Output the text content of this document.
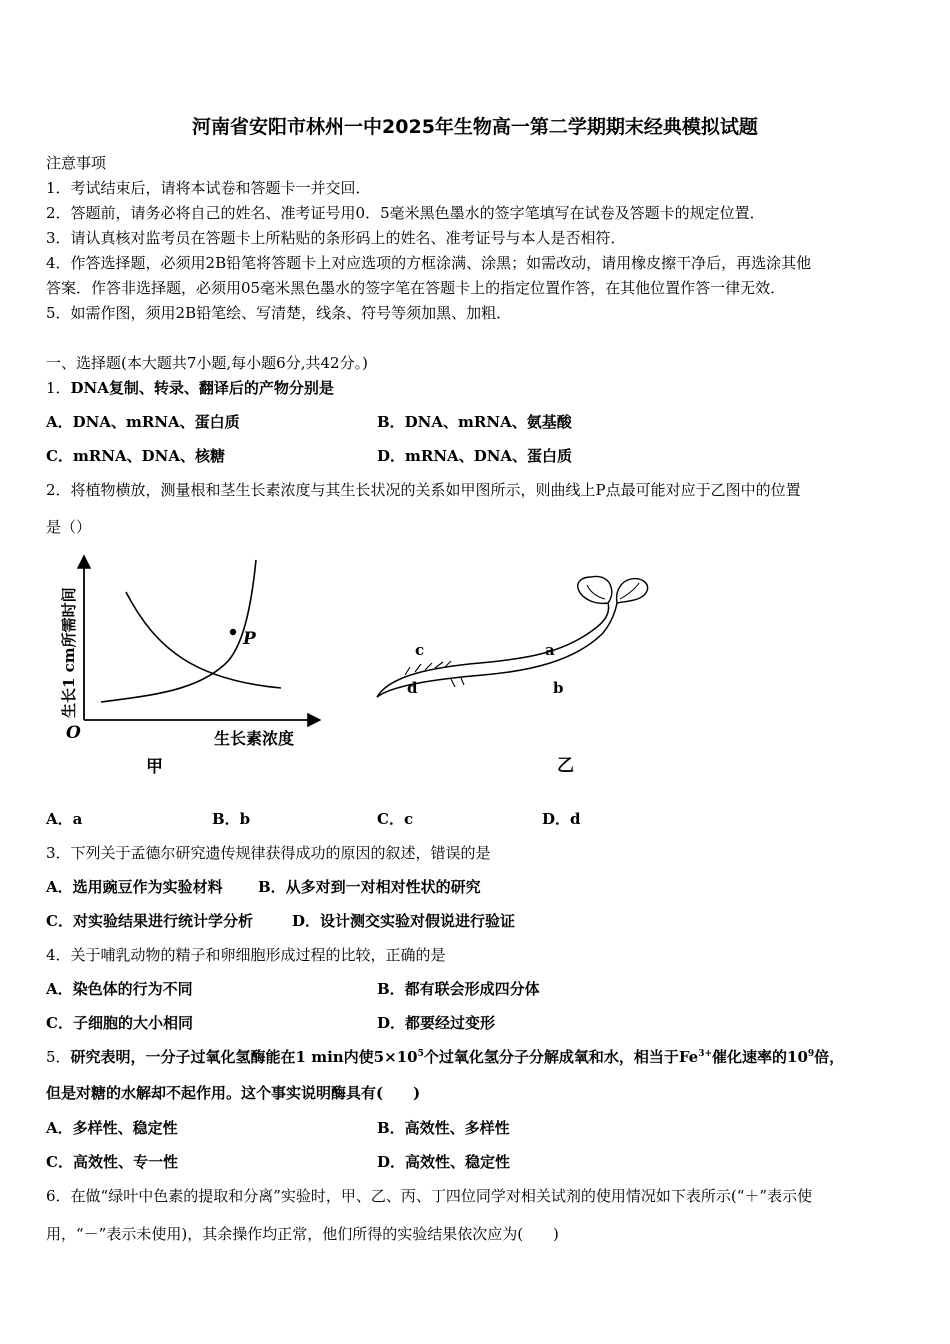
河南省安阳市林州一中2025年生物高一第二学期期末经典模拟试题
注意事项
1．考试结束后，请将本试卷和答题卡一并交回．
2．答题前，请务必将自己的姓名、准考证号用0．5毫米黑色墨水的签字笔填写在试卷及答题卡的规定位置．
3．请认真核对监考员在答题卡上所粘贴的条形码上的姓名、准考证号与本人是否相符．
4．作答选择题，必须用2B铅笔将答题卡上对应选项的方框涂满、涂黑；如需改动，请用橡皮擦干净后，再选涂其他
答案．作答非选择题，必须用05毫米黑色墨水的签字笔在答题卡上的指定位置作答，在其他位置作答一律无效．
5．如需作图，须用2B铅笔绘、写清楚，线条、符号等须加黑、加粗．
一、选择题(本大题共7小题,每小题6分,共42分。)
1．DNA复制、转录、翻译后的产物分别是
A．DNA、mRNA、蛋白质	B．DNA、mRNA、氨基酸
C．mRNA、DNA、核糖	D．mRNA、DNA、蛋白质
2．将植物横放，测量根和茎生长素浓度与其生长状况的关系如甲图所示，则曲线上P点最可能对应于乙图中的位置
是（）
P
O	生长素浓度
生长1 cm所需时间
甲
a
b
c
d
乙
A．a	B．b	C．c	D．d
3．下列关于孟德尔研究遗传规律获得成功的原因的叙述，错误的是
A．选用豌豆作为实验材料 B．从多对到一对相对性状的研究
C．对实验结果进行统计学分析	D．设计测交实验对假说进行验证
4．关于哺乳动物的精子和卵细胞形成过程的比较，正确的是
A．染色体的行为不同	B．都有联会形成四分体
C．子细胞的大小相同	D．都要经过变形
5．研究表明，一分子过氧化氢酶能在1 min内使$5\times 10^5$个过氧化氢分子分解成氧和水，相当于$Fe^{3+}$催化速率的$10^9$倍，
但是对糖的水解却不起作用。这个事实说明酶具有(　　)
A．多样性、稳定性	B．高效性、多样性
C．高效性、专一性	D．高效性、稳定性
6．在做“绿叶中色素的提取和分离”实验时，甲、乙、丙、丁四位同学对相关试剂的使用情况如下表所示(“＋”表示使
用，“－”表示未使用)，其余操作均正常，他们所得的实验结果依次应为(　　)
